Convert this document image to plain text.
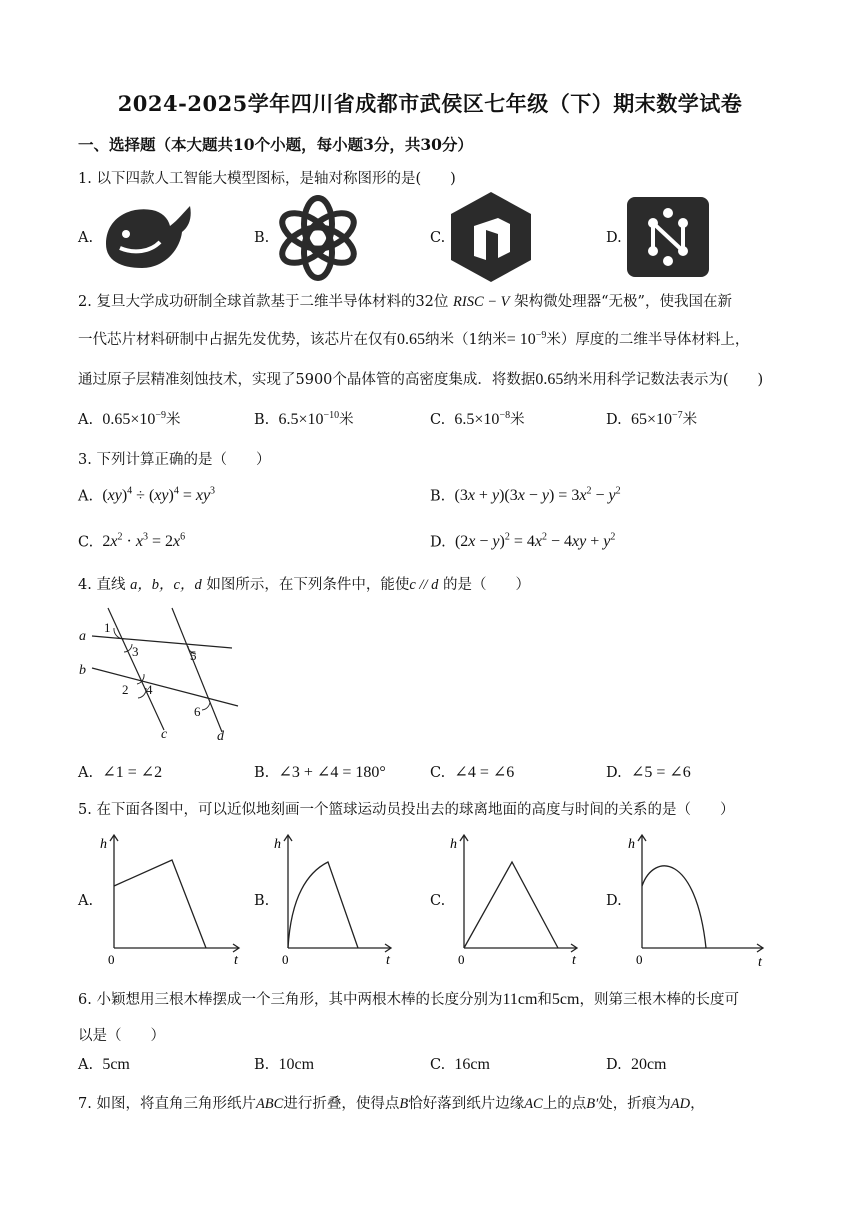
2024-2025学年四川省成都市武侯区七年级（下）期末数学试卷
一、选择题（本大题共10个小题，每小题3分，共30分）
1. 以下四款人工智能大模型图标，是轴对称图形的是(　　)
A.	B.	C.	D.
2. 复旦大学成功研制全球首款基于二维半导体材料的32位 RISC − V 架构微处理器“无极”，使我国在新
一代芯片材料研制中占据先发优势，该芯片在仅有0.65纳米（1纳米= $10^{-9}$米）厚度的二维半导体材料上，
通过原子层精准刻蚀技术，实现了5900个晶体管的高密度集成．将数据0.65纳米用科学记数法表示为(　　)
A. $0.65\times 10^{-9}$米	B. $6.5\times 10^{-10}$米	C. $6.5\times 10^{-8}$米	D. $65\times 10^{-7}$米
3. 下列计算正确的是（　　）
A. $(xy)^4 \div (xy)^4 = xy^3$	B. $(3x + y)(3x - y) = 3x^2 - y^2$
C. $2x^2 \cdot x^3 = 2x^6$	D. $(2x - y)^2 = 4x^2 - 4xy + y^2$
4. 直线 a，b，c，d 如图所示，在下列条件中，能使c // d 的是（　　）
a
b
c	d
1
2
3
4
5
6
A. ∠1 = ∠2	B. ∠3 + ∠4 = 180°	C. ∠4 = ∠6	D. ∠5 = ∠6
5. 在下面各图中，可以近似地刻画一个篮球运动员投出去的球离地面的高度与时间的关系的是（　　）
A.
h
0	t
B.
h
0	t
C.
h
0	t
D.
h
0	t
6. 小颖想用三根木棒摆成一个三角形，其中两根木棒的长度分别为11cm和5cm，则第三根木棒的长度可
以是（　　）
A. 5cm	B. 10cm	C. 16cm	D. 20cm
7. 如图，将直角三角形纸片ABC进行折叠，使得点B恰好落到纸片边缘AC上的点B′处，折痕为AD，
